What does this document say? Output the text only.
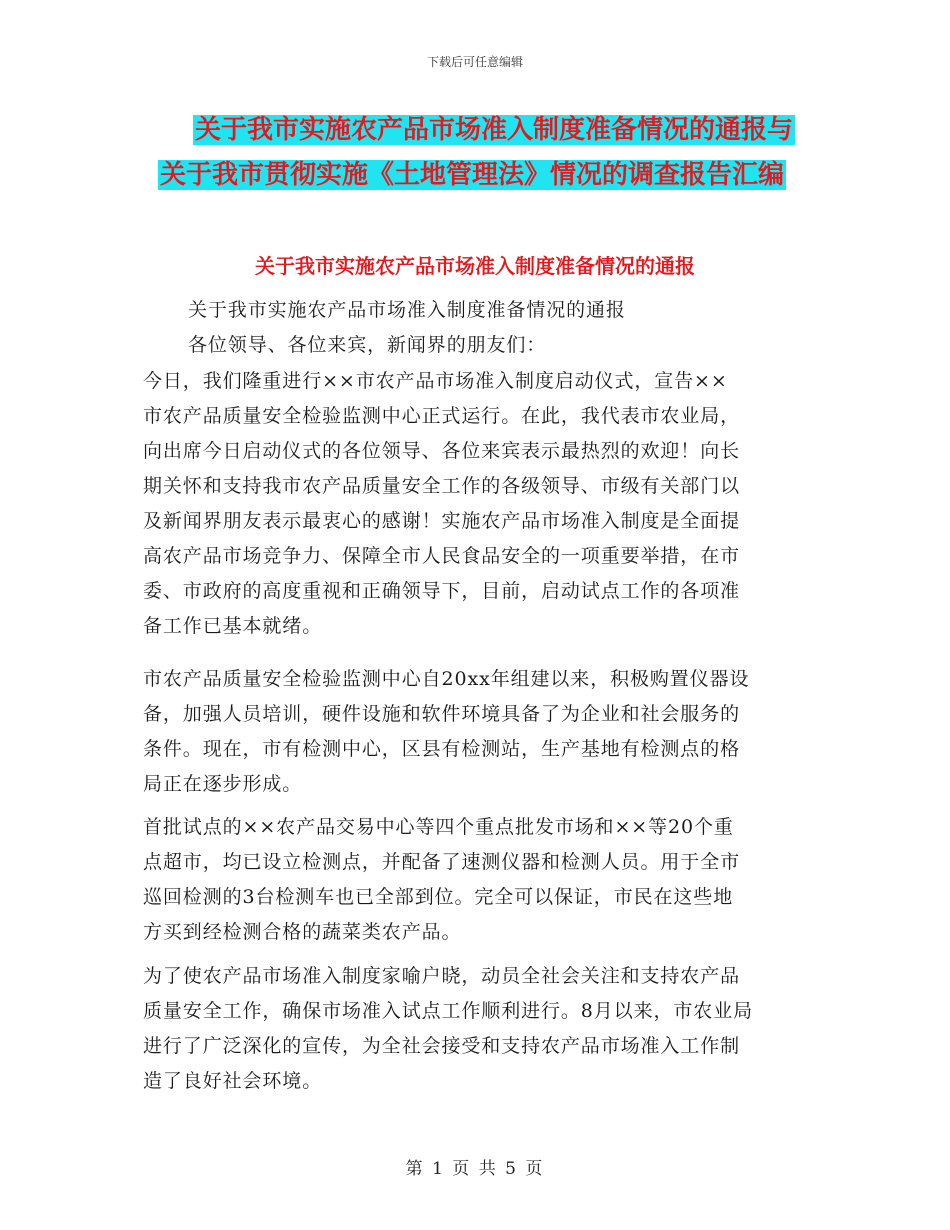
下载后可任意编辑
关于我市实施农产品市场准入制度准备情况的通报与
关于我市贯彻实施《土地管理法》情况的调查报告汇编
关于我市实施农产品市场准入制度准备情况的通报
关于我市实施农产品市场准入制度准备情况的通报
各位领导、各位来宾，新闻界的朋友们：
今日，我们隆重进行××市农产品市场准入制度启动仪式，宣告××
市农产品质量安全检验监测中心正式运行。在此，我代表市农业局，
向出席今日启动仪式的各位领导、各位来宾表示最热烈的欢迎！向长
期关怀和支持我市农产品质量安全工作的各级领导、市级有关部门以
及新闻界朋友表示最衷心的感谢！实施农产品市场准入制度是全面提
高农产品市场竞争力、保障全市人民食品安全的一项重要举措，在市
委、市政府的高度重视和正确领导下，目前，启动试点工作的各项准
备工作已基本就绪。
市农产品质量安全检验监测中心自20xx年组建以来，积极购置仪器设
备，加强人员培训，硬件设施和软件环境具备了为企业和社会服务的
条件。现在，市有检测中心，区县有检测站，生产基地有检测点的格
局正在逐步形成。
首批试点的××农产品交易中心等四个重点批发市场和××等20个重
点超市，均已设立检测点，并配备了速测仪器和检测人员。用于全市
巡回检测的3台检测车也已全部到位。完全可以保证，市民在这些地
方买到经检测合格的蔬菜类农产品。
为了使农产品市场准入制度家喻户晓，动员全社会关注和支持农产品
质量安全工作，确保市场准入试点工作顺利进行。8月以来，市农业局
进行了广泛深化的宣传，为全社会接受和支持农产品市场准入工作制
造了良好社会环境。
第 1 页 共 5 页
